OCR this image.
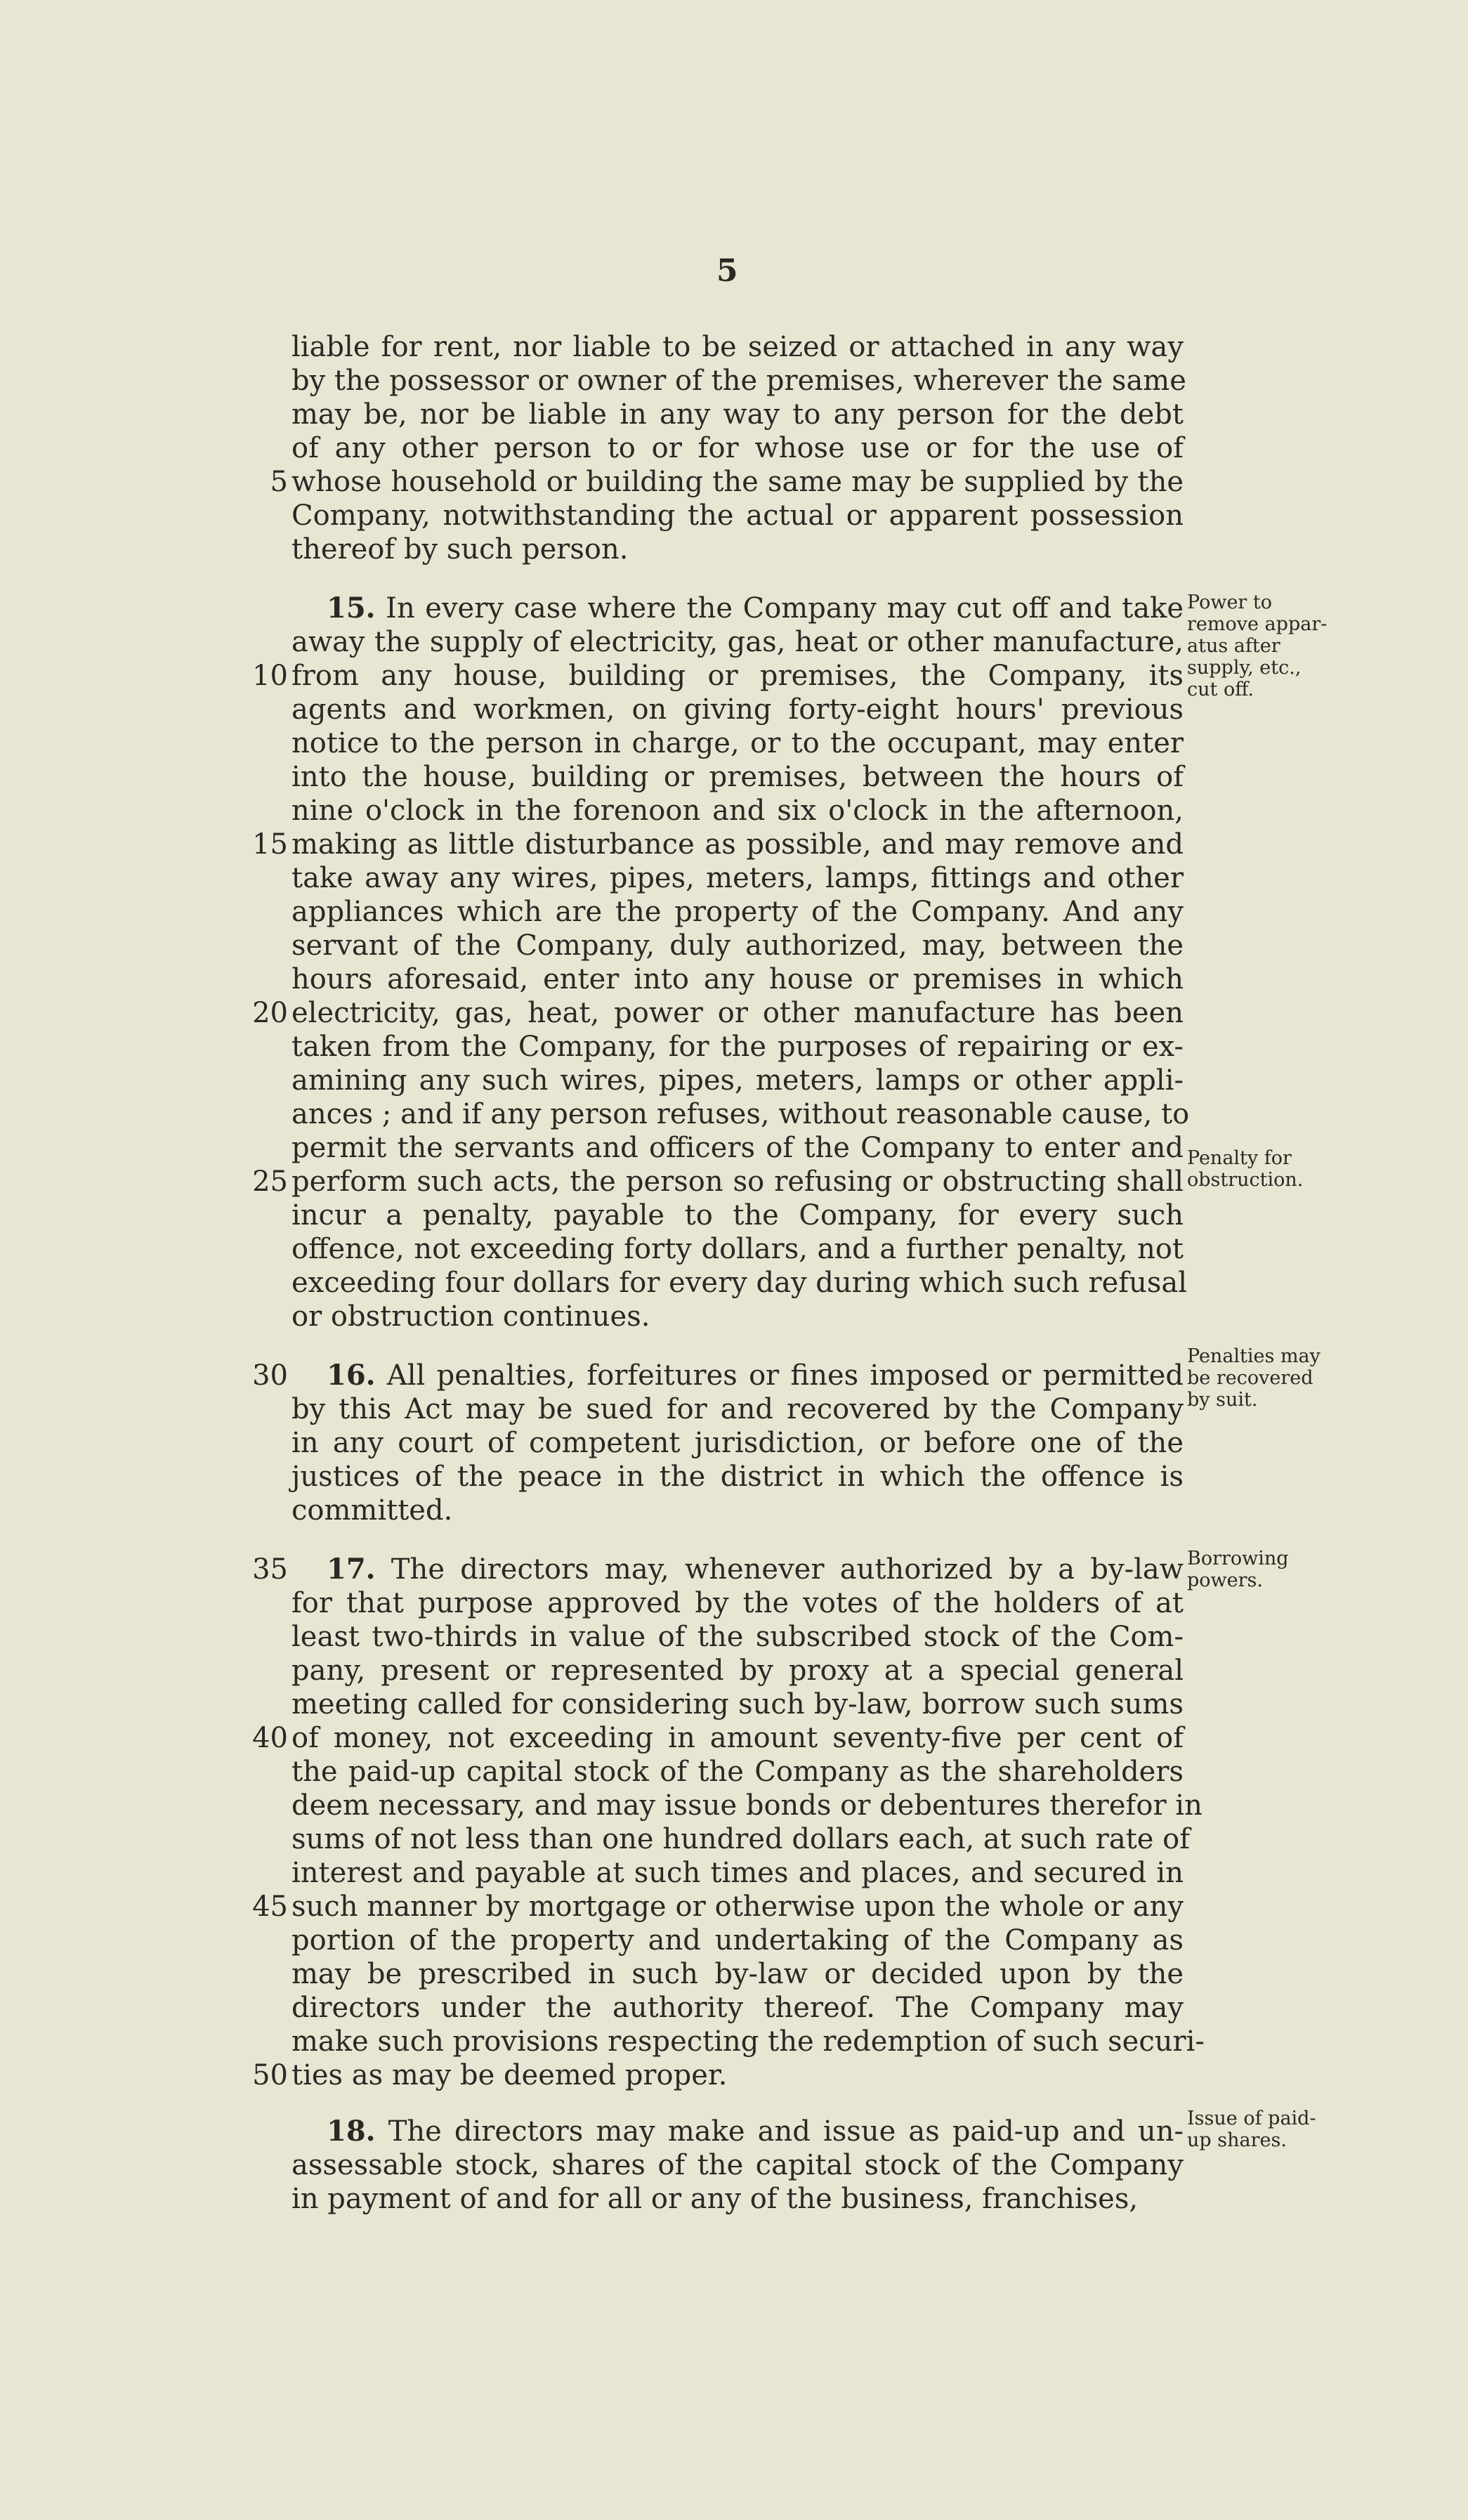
5
liable for rent, nor liable to be seized or attached in any way
by the possessor or owner of the premises, wherever the same
may be, nor be liable in any way to any person for the debt
of any other person to or for whose use or for the use of
5 whose household or building the same may be supplied by the
Company, notwithstanding the actual or apparent possession
thereof by such person.
15. In every case where the Company may cut off and take
away the supply of electricity, gas, heat or other manufacture,
10 from any house, building or premises, the Company, its
agents and workmen, on giving forty-eight hours' previous
notice to the person in charge, or to the occupant, may enter
into the house, building or premises, between the hours of
nine o'clock in the forenoon and six o'clock in the afternoon,
15 making as little disturbance as possible, and may remove and
take away any wires, pipes, meters, lamps, fittings and other
appliances which are the property of the Company. And any
servant of the Company, duly authorized, may, between the
hours aforesaid, enter into any house or premises in which
20 electricity, gas, heat, power or other manufacture has been
taken from the Company, for the purposes of repairing or ex-
amining any such wires, pipes, meters, lamps or other appli-
ances ; and if any person refuses, without reasonable cause, to
permit the servants and officers of the Company to enter and
25 perform such acts, the person so refusing or obstructing shall
incur a penalty, payable to the Company, for every such
offence, not exceeding forty dollars, and a further penalty, not
exceeding four dollars for every day during which such refusal
or obstruction continues.
30	16. All penalties, forfeitures or fines imposed or permitted
by this Act may be sued for and recovered by the Company
in any court of competent jurisdiction, or before one of the
justices of the peace in the district in which the offence is
committed.
35	17. The directors may, whenever authorized by a by-law
for that purpose approved by the votes of the holders of at
least two-thirds in value of the subscribed stock of the Com-
pany, present or represented by proxy at a special general
meeting called for considering such by-law, borrow such sums
40 of money, not exceeding in amount seventy-five per cent of
the paid-up capital stock of the Company as the shareholders
deem necessary, and may issue bonds or debentures therefor in
sums of not less than one hundred dollars each, at such rate of
interest and payable at such times and places, and secured in
45 such manner by mortgage or otherwise upon the whole or any
portion of the property and undertaking of the Company as
may be prescribed in such by-law or decided upon by the
directors under the authority thereof. The Company may
make such provisions respecting the redemption of such securi-
50 ties as may be deemed proper.
18. The directors may make and issue as paid-up and un-
assessable stock, shares of the capital stock of the Company
in payment of and for all or any of the business, franchises,
Power to
remove appar-
atus after
supply, etc.,
cut off.
Penalty for
obstruction.
Penalties may
be recovered
by suit.
Borrowing
powers.
Issue of paid-
up shares.
